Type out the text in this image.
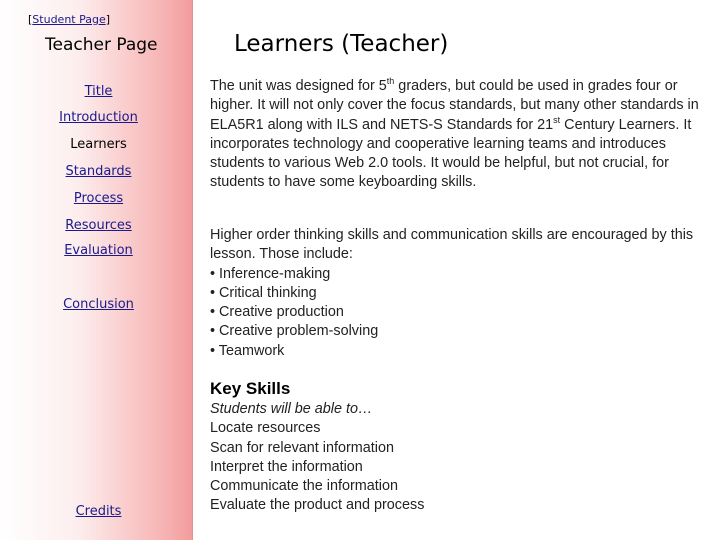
[Student Page]
Teacher Page
Title
Introduction
Learners
Standards
Process
Resources
Evaluation
Conclusion
Credits
Learners (Teacher)
The unit was designed for 5th graders, but could be used in grades four or higher. It will not only cover the focus standards, but many other standards in ELA5R1 along with ILS and NETS-S Standards for 21st Century Learners. It incorporates technology and cooperative learning teams and introduces students to various Web 2.0 tools. It would be helpful, but not crucial, for students to have some keyboarding skills.
Higher order thinking skills and communication skills are encouraged by this lesson. Those include:
• Inference-making
• Critical thinking
• Creative production
• Creative problem-solving
• Teamwork
Key Skills
Students will be able to…
Locate resources
Scan for relevant information
Interpret the information
Communicate the information
Evaluate the product and process
